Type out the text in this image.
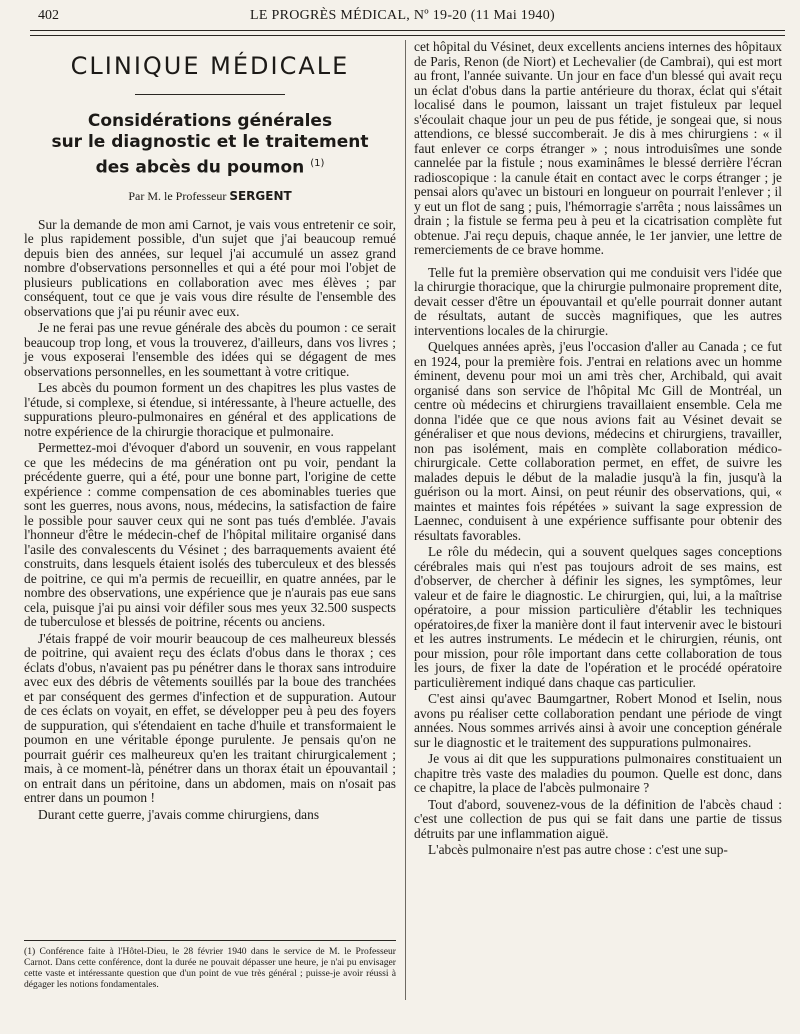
402	LE PROGRÈS MÉDICAL, Nº 19-20 (11 Mai 1940)
CLINIQUE MÉDICALE
Considérations générales
sur le diagnostic et le traitement
des abcès du poumon $^{(1)}$
Par M. le Professeur SERGENT

Sur la demande de mon ami Carnot, je vais vous entretenir ce soir, le plus rapidement possible, d'un sujet que j'ai beaucoup remué depuis bien des années, sur lequel j'ai accumulé un assez grand nombre d'observations personnelles et qui a été pour moi l'objet de plusieurs publications en collaboration avec mes élèves ; par conséquent, tout ce que je vais vous dire résulte de l'ensemble des observations que j'ai pu réunir avec eux.

Je ne ferai pas une revue générale des abcès du poumon : ce serait beaucoup trop long, et vous la trouverez, d'ailleurs, dans vos livres ; je vous exposerai l'ensemble des idées qui se dégagent de mes observations personnelles, en les soumettant à votre critique.

Les abcès du poumon forment un des chapitres les plus vastes de l'étude, si complexe, si étendue, si intéressante, à l'heure actuelle, des suppurations pleuro-pulmonaires en général et des applications de notre expérience de la chirurgie thoracique et pulmonaire.

Permettez-moi d'évoquer d'abord un souvenir, en vous rappelant ce que les médecins de ma génération ont pu voir, pendant la précédente guerre, qui a été, pour une bonne part, l'origine de cette expérience : comme compensation de ces abominables tueries que sont les guerres, nous avons, nous, médecins, la satisfaction de faire le possible pour sauver ceux qui ne sont pas tués d'emblée. J'avais l'honneur d'être le médecin-chef de l'hôpital militaire organisé dans l'asile des convalescents du Vésinet ; des barraquements avaient été construits, dans lesquels étaient isolés des tuberculeux et des blessés de poitrine, ce qui m'a permis de recueillir, en quatre années, par le nombre des observations, une expérience que je n'aurais pas eue sans cela, puisque j'ai pu ainsi voir défiler sous mes yeux 32.500 suspects de tuberculose et blessés de poitrine, récents ou anciens.

J'étais frappé de voir mourir beaucoup de ces malheureux blessés de poitrine, qui avaient reçu des éclats d'obus dans le thorax ; ces éclats d'obus, n'avaient pas pu pénétrer dans le thorax sans introduire avec eux des débris de vêtements souillés par la boue des tranchées et par conséquent des germes d'infection et de suppuration. Autour de ces éclats on voyait, en effet, se développer peu à peu des foyers de suppuration, qui s'étendaient en tache d'huile et transformaient le poumon en une véritable éponge purulente. Je pensais qu'on ne pourrait guérir ces malheureux qu'en les traitant chirurgicalement ; mais, à ce moment-là, pénétrer dans un thorax était un épouvantail ; on entrait dans un péritoine, dans un abdomen, mais on n'osait pas entrer dans un poumon !

Durant cette guerre, j'avais comme chirurgiens, dans

(1) Conférence faite à l'Hôtel-Dieu, le 28 février 1940 dans le service de M. le Professeur Carnot. Dans cette conférence, dont la durée ne pouvait dépasser une heure, je n'ai pu envisager cette vaste et intéressante question que d'un point de vue très général ; puisse-je avoir réussi à dégager les notions fondamentales.

cet hôpital du Vésinet, deux excellents anciens internes des hôpitaux de Paris, Renon (de Niort) et Lechevalier (de Cambrai), qui est mort au front, l'année suivante. Un jour en face d'un blessé qui avait reçu un éclat d'obus dans la partie antérieure du thorax, éclat qui s'était localisé dans le poumon, laissant un trajet fistuleux par lequel s'écoulait chaque jour un peu de pus fétide, je songeai que, si nous attendions, ce blessé succomberait. Je dis à mes chirurgiens : « il faut enlever ce corps étranger » ; nous introduisîmes une sonde cannelée par la fistule ; nous examinâmes le blessé derrière l'écran radioscopique : la canule était en contact avec le corps étranger ; je pensai alors qu'avec un bistouri en longueur on pourrait l'enlever ; il y eut un flot de sang ; puis, l'hémorragie s'arrêta ; nous laissâmes un drain ; la fistule se ferma peu à peu et la cicatrisation complète fut obtenue. J'ai reçu depuis, chaque année, le 1er janvier, une lettre de remerciements de ce brave homme.

Telle fut la première observation qui me conduisit vers l'idée que la chirurgie thoracique, que la chirurgie pulmonaire proprement dite, devait cesser d'être un épouvantail et qu'elle pourrait donner autant de résultats, autant de succès magnifiques, que les autres interventions locales de la chirurgie.

Quelques années après, j'eus l'occasion d'aller au Canada ; ce fut en 1924, pour la première fois. J'entrai en relations avec un homme éminent, devenu pour moi un ami très cher, Archibald, qui avait organisé dans son service de l'hôpital Mc Gill de Montréal, un centre où médecins et chirurgiens travaillaient ensemble. Cela me donna l'idée que ce que nous avions fait au Vésinet devait se généraliser et que nous devions, médecins et chirurgiens, travailler, non pas isolément, mais en complète collaboration médico-chirurgicale. Cette collaboration permet, en effet, de suivre les malades depuis le début de la maladie jusqu'à la fin, jusqu'à la guérison ou la mort. Ainsi, on peut réunir des observations, qui, « maintes et maintes fois répétées » suivant la sage expression de Laennec, conduisent à une expérience suffisante pour obtenir des résultats favorables.

Le rôle du médecin, qui a souvent quelques sages conceptions cérébrales mais qui n'est pas toujours adroit de ses mains, est d'observer, de chercher à définir les signes, les symptômes, leur valeur et de faire le diagnostic. Le chirurgien, qui, lui, a la maîtrise opératoire, a pour mission particulière d'établir les techniques opératoires,de fixer la manière dont il faut intervenir avec le bistouri et les autres instruments. Le médecin et le chirurgien, réunis, ont pour mission, pour rôle important dans cette collaboration de tous les jours, de fixer la date de l'opération et le procédé opératoire particulièrement indiqué dans chaque cas particulier.

C'est ainsi qu'avec Baumgartner, Robert Monod et Iselin, nous avons pu réaliser cette collaboration pendant une période de vingt années. Nous sommes arrivés ainsi à avoir une conception générale sur le diagnostic et le traitement des suppurations pulmonaires.

Je vous ai dit que les suppurations pulmonaires constituaient un chapitre très vaste des maladies du poumon. Quelle est donc, dans ce chapitre, la place de l'abcès pulmonaire ?

Tout d'abord, souvenez-vous de la définition de l'abcès chaud : c'est une collection de pus qui se fait dans une partie de tissus détruits par une inflammation aiguë.

L'abcès pulmonaire n'est pas autre chose : c'est une sup-
